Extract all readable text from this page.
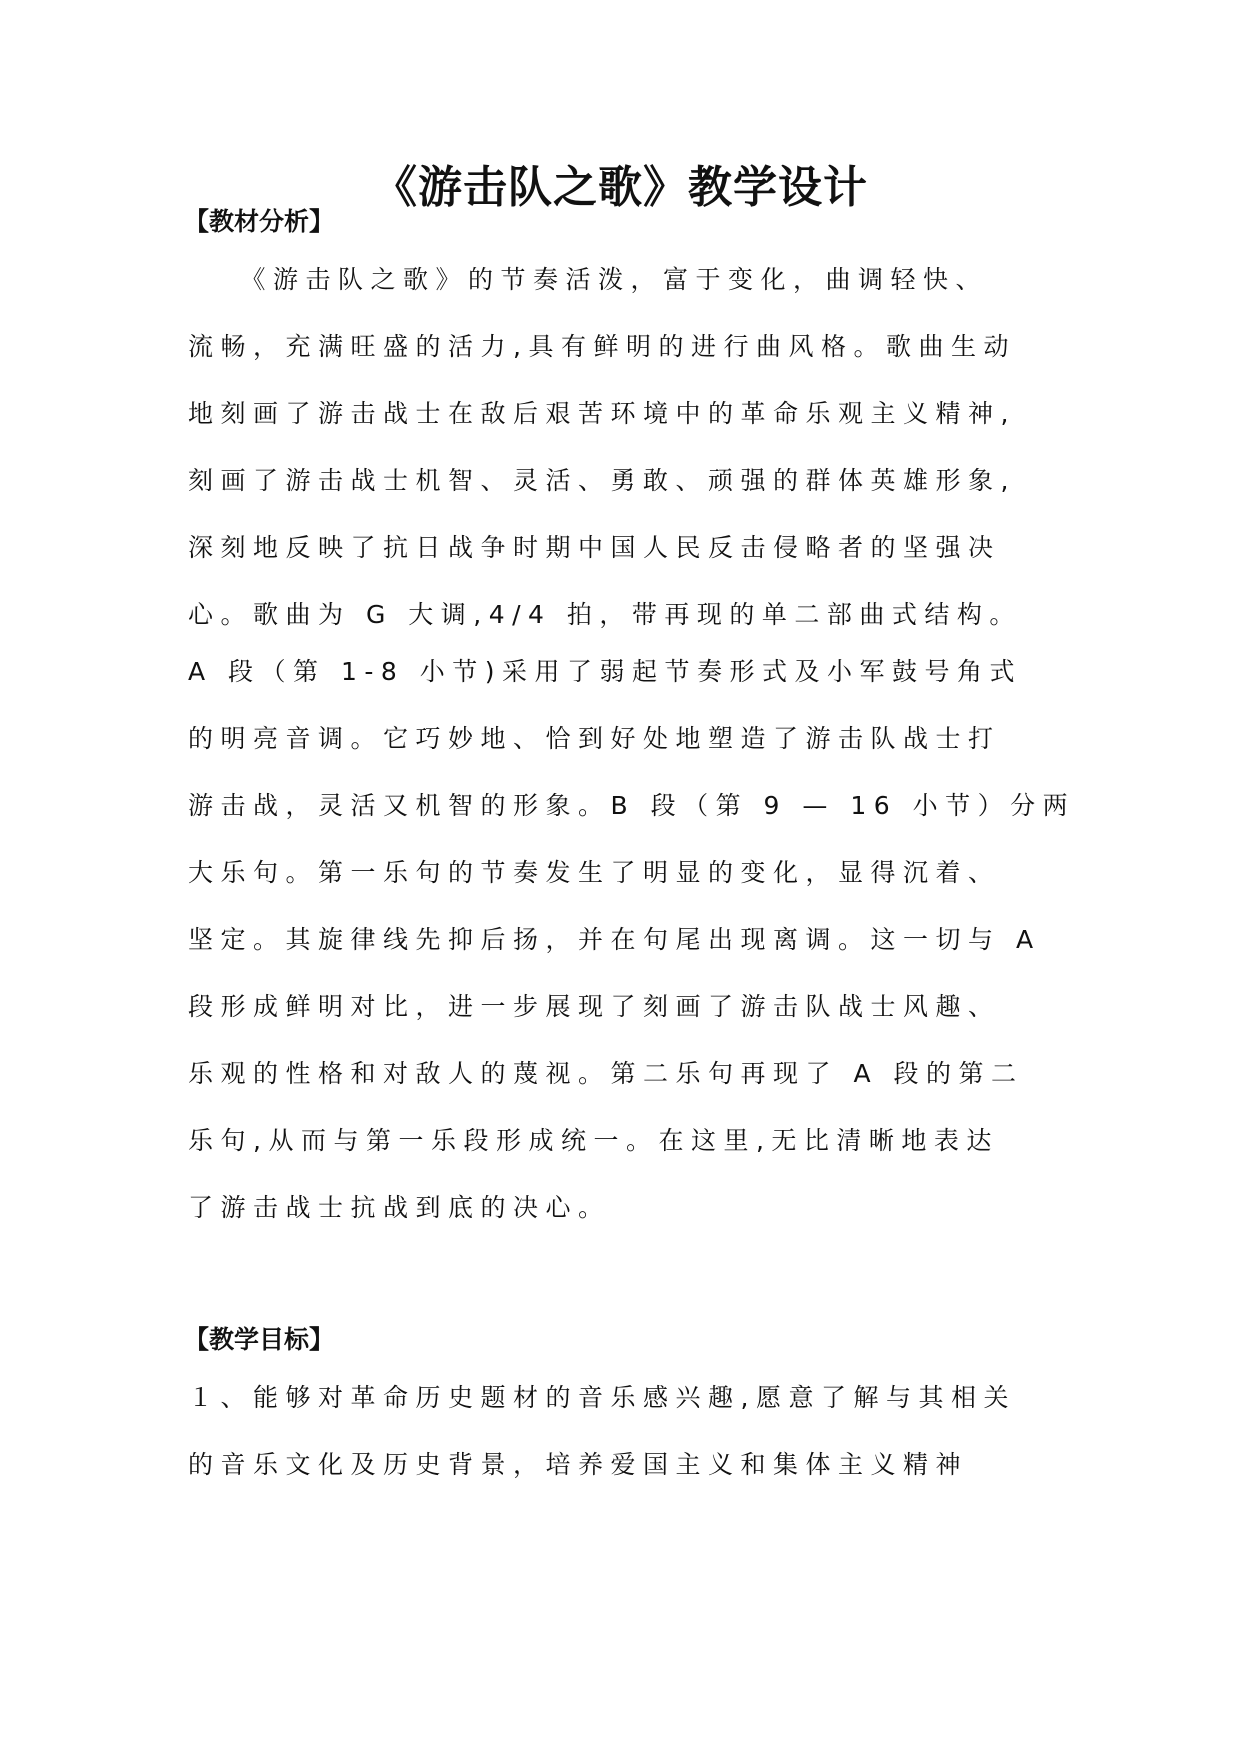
《游击队之歌》教学设计
【教材分析】

　　《游击队之歌》的节奏活泼，富于变化，曲调轻快、
流畅，充满旺盛的活力,具有鲜明的进行曲风格。歌曲生动
地刻画了游击战士在敌后艰苦环境中的革命乐观主义精神,
刻画了游击战士机智、灵活、勇敢、顽强的群体英雄形象,
深刻地反映了抗日战争时期中国人民反击侵略者的坚强决
心。歌曲为 G 大调,4/4 拍，带再现的单二部曲式结构。

A 段（第 1-8 小节)采用了弱起节奏形式及小军鼓号角式
的明亮音调。它巧妙地、恰到好处地塑造了游击队战士打
游击战，灵活又机智的形象。B 段（第 9 — 16 小节）分两
大乐句。第一乐句的节奏发生了明显的变化，显得沉着、
坚定。其旋律线先抑后扬，并在句尾出现离调。这一切与 A
段形成鲜明对比，进一步展现了刻画了游击队战士风趣、
乐观的性格和对敌人的蔑视。第二乐句再现了 A 段的第二
乐句,从而与第一乐段形成统一。在这里,无比清晰地表达
了游击战士抗战到底的决心。

【教学目标】

１、能够对革命历史题材的音乐感兴趣,愿意了解与其相关
的音乐文化及历史背景，培养爱国主义和集体主义精神
